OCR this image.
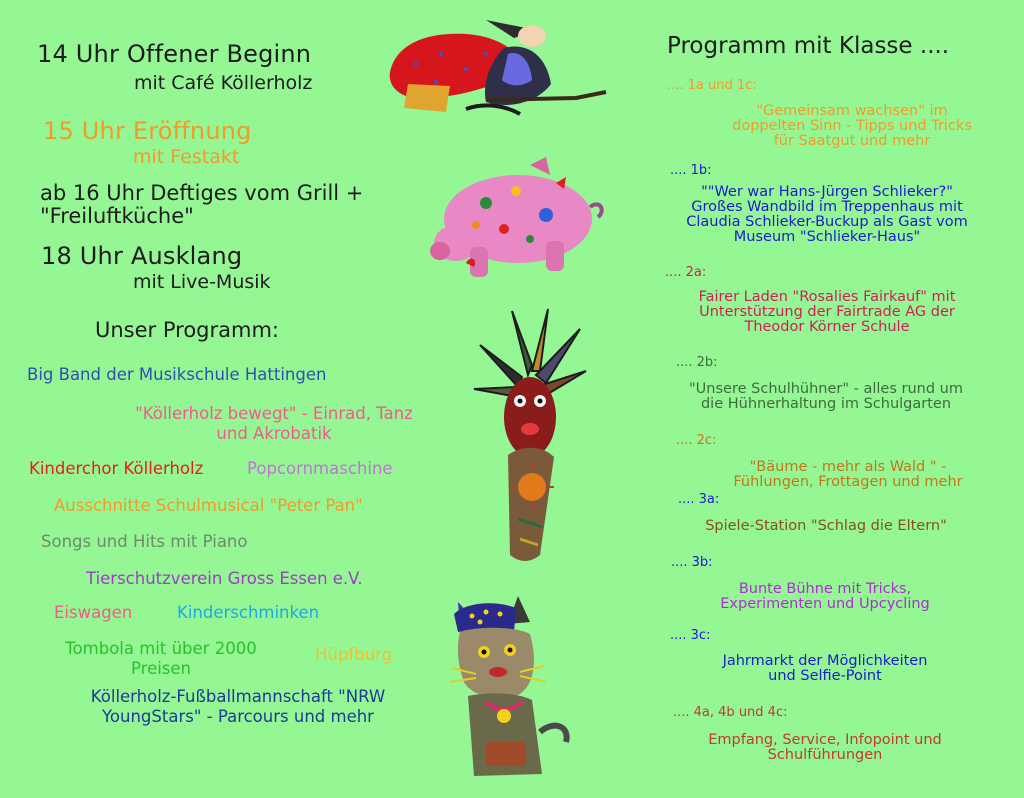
14 Uhr Offener Beginn
mit Café Köllerholz
15 Uhr Eröffnung
mit Festakt
ab 16 Uhr Deftiges vom Grill +
"Freiluftküche"
18 Uhr Ausklang
mit Live-Musik
Unser Programm:
Big Band der Musikschule Hattingen
"Köllerholz bewegt" - Einrad, Tanz
und Akrobatik
Kinderchor Köllerholz	Popcornmaschine
Ausschnitte Schulmusical "Peter Pan"
Songs und Hits mit Piano
Tierschutzverein Gross Essen e.V.
Eiswagen	Kinderschminken
Tombola mit über 2000
Preisen
Hüpfburg
Köllerholz-Fußballmannschaft "NRW
YoungStars" - Parcours und mehr
Programm mit Klasse ....
.... 1a und 1c:
"Gemeinsam wachsen" im
doppelten Sinn - Tipps und Tricks
für Saatgut und mehr
.... 1b:
""Wer war Hans-Jürgen Schlieker?"
Großes Wandbild im Treppenhaus mit
Claudia Schlieker-Buckup als Gast vom
Museum "Schlieker-Haus"
.... 2a:
Fairer Laden "Rosalies Fairkauf" mit
Unterstützung der Fairtrade AG der
Theodor Körner Schule
.... 2b:
"Unsere Schulhühner" - alles rund um
die Hühnerhaltung im Schulgarten
.... 2c:
"Bäume - mehr als Wald " -
Fühlungen, Frottagen und mehr
.... 3a:
Spiele-Station "Schlag die Eltern"
.... 3b:
Bunte Bühne mit Tricks,
Experimenten und Upcycling
.... 3c:
Jahrmarkt der Möglichkeiten
und Selfie-Point
.... 4a, 4b und 4c:
Empfang, Service, Infopoint und
Schulführungen
